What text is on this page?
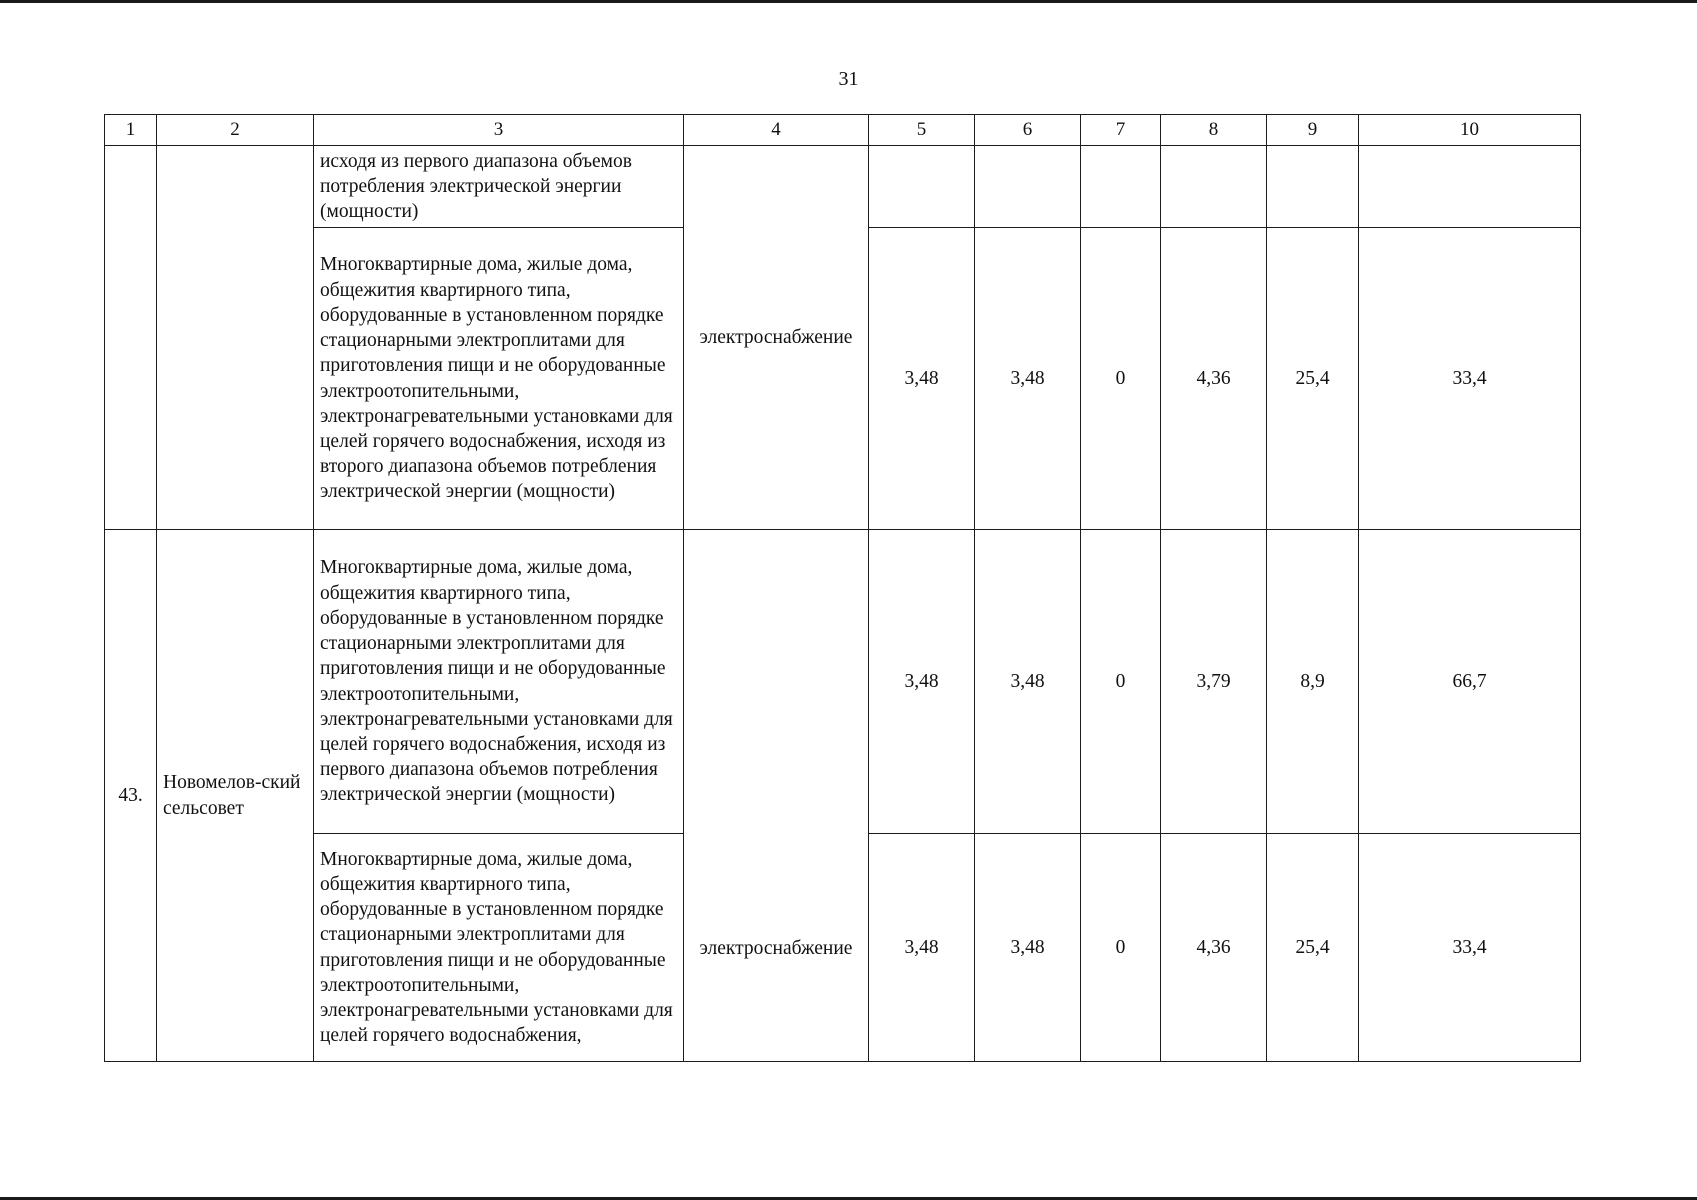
31
1	2	3	4	5	6	7	8	9	10
		исходя из первого диапазона объемов потребления электрической энергии (мощности)	электроснабжение						
		Многоквартирные дома, жилые дома, общежития квартирного типа, оборудованные в установленном порядке стационарными электроплитами для приготовления пищи и не оборудованные электроотопительными, электронагревательными установками для целей горячего водоснабжения, исходя из второго диапазона объемов потребления электрической энергии (мощности)		3,48	3,48	0	4,36	25,4	33,4
43.	Новомелов-ский сельсовет	Многоквартирные дома, жилые дома, общежития квартирного типа, оборудованные в установленном порядке стационарными электроплитами для приготовления пищи и не оборудованные электроотопительными, электронагревательными установками для целей горячего водоснабжения, исходя из первого диапазона объемов потребления электрической энергии (мощности)	электроснабжение	3,48	3,48	0	3,79	8,9	66,7
		Многоквартирные дома, жилые дома, общежития квартирного типа, оборудованные в установленном порядке стационарными электроплитами для приготовления пищи и не оборудованные электроотопительными, электронагревательными установками для целей горячего водоснабжения,		3,48	3,48	0	4,36	25,4	33,4
